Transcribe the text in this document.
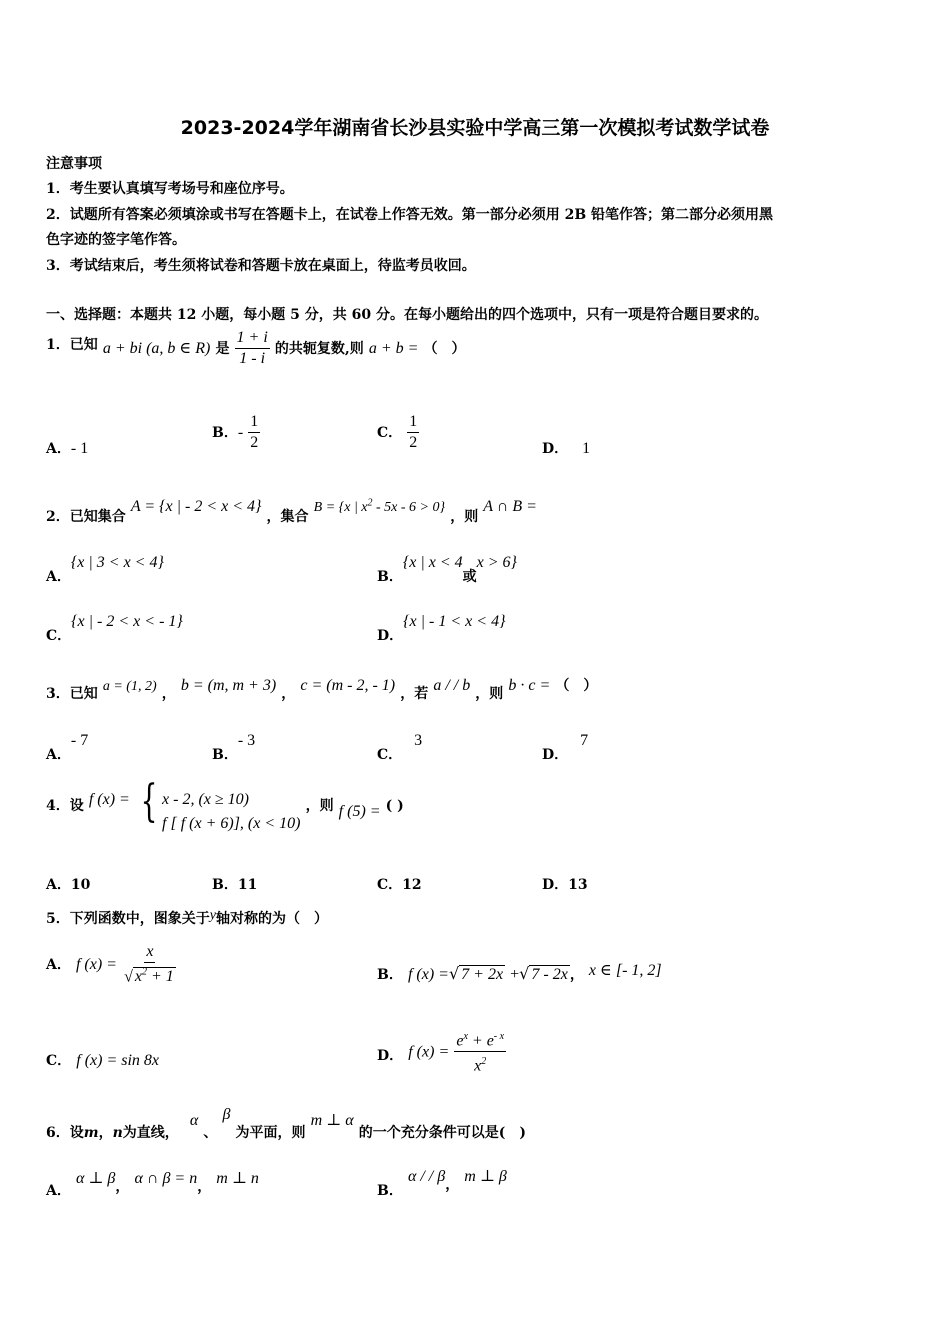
2023-2024学年湖南省长沙县实验中学高三第一次模拟考试数学试卷
注意事项
1．考生要认真填写考场号和座位序号。
2．试题所有答案必须填涂或书写在答题卡上，在试卷上作答无效。第一部分必须用 2B 铅笔作答；第二部分必须用黑
色字迹的签字笔作答。
3．考试结束后，考生须将试卷和答题卡放在桌面上，待监考员收回。
一、选择题：本题共 12 小题，每小题 5 分，共 60 分。在每小题给出的四个选项中，只有一项是符合题目要求的。
1．已知 a + bi (a, b ∈ R) 是 $\frac{1 + i}{1 - i}$ 的共轭复数,则 a + b = （　）
A．- 1
B．- $\frac{1}{2}$	C． $\frac{1}{2}$	D． 1
2．已知集合 A = {x | - 2 < x < 4} ，集合 B = {x | $x^2 - 5x - 6 > 0$} ，则 A ∩ B =
A．{x | 3 < x < 4}
B．{x | x < 4或x > 6}
C．{x | - 2 < x < - 1}
D．{x | - 1 < x < 4}
3．已知 a = (1, 2) ， b = (m, m + 3) ， c = (m - 2, - 1) ，若 a / / b ，则 b · c = （　）
A．- 7
B．- 3
C．3
D．7
4．设 f (x) = { x - 2, (x ≥ 10)
f [ f (x + 6)], (x < 10)
，则 f (5) = ( )
A．10	B．11	C．12	D．13
5．下列函数中，图象关于y轴对称的为（　）
A． f $(x) = \frac{x}{√ x^2 + 1}$	B． f (x) =√ 7 + 2x +√ 7 - 2x ， x ∈ [- 1, 2]
C． f (x) = sin 8x	D． f $(x) = \frac{e^x + e^{- x}}{x^2}$
6．设m，n为直线， α 、 β 为平面，则 m ⊥ α 的一个充分条件可以是(　)
A． α ⊥ β， α ∩ β = n， m ⊥ n
B． α / / β， m ⊥ β
